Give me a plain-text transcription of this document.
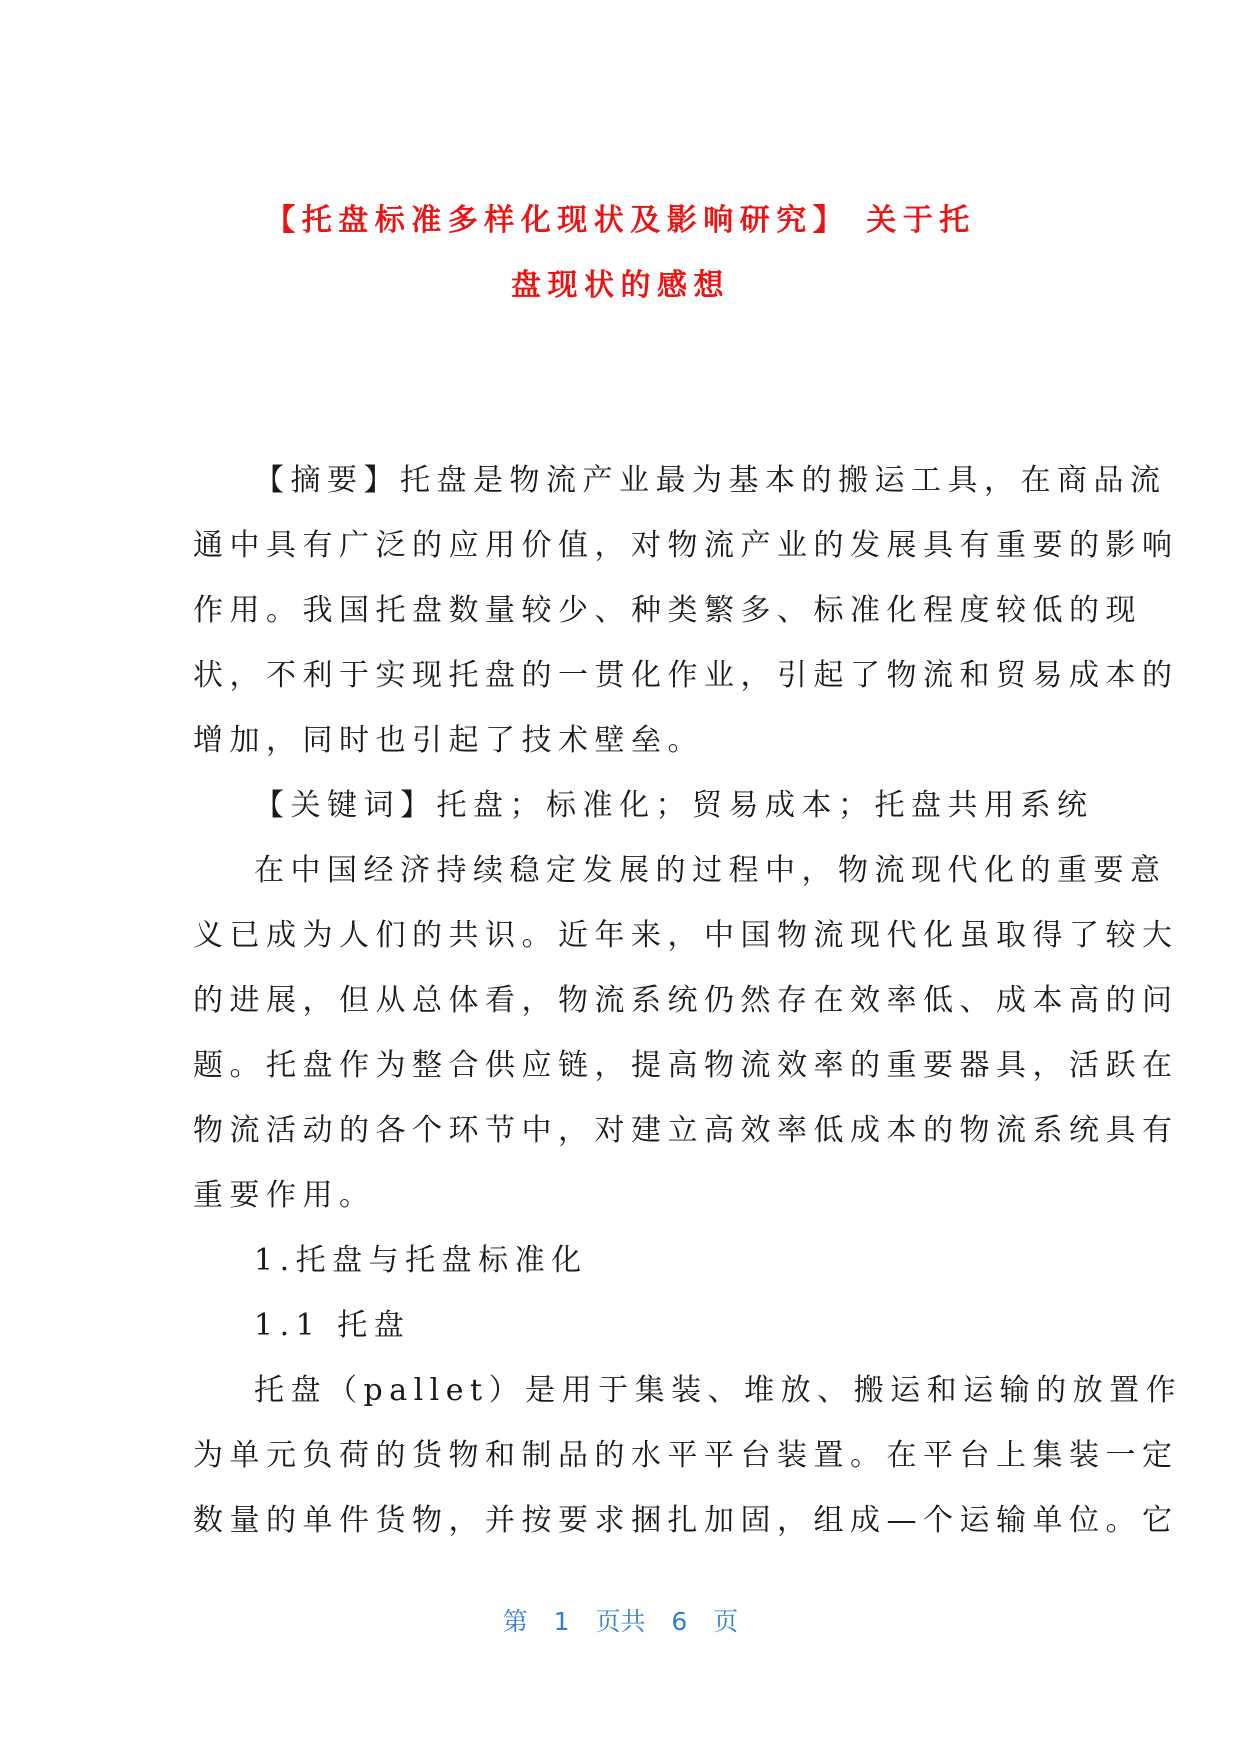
【托盘标准多样化现状及影响研究】 关于托
盘现状的感想
【摘要】托盘是物流产业最为基本的搬运工具，在商品流
通中具有广泛的应用价值，对物流产业的发展具有重要的影响
作用。我国托盘数量较少、种类繁多、标准化程度较低的现
状，不利于实现托盘的一贯化作业，引起了物流和贸易成本的
增加，同时也引起了技术壁垒。
【关键词】托盘；标准化；贸易成本；托盘共用系统
在中国经济持续稳定发展的过程中，物流现代化的重要意
义已成为人们的共识。近年来，中国物流现代化虽取得了较大
的进展，但从总体看，物流系统仍然存在效率低、成本高的问
题。托盘作为整合供应链，提高物流效率的重要器具，活跃在
物流活动的各个环节中，对建立高效率低成本的物流系统具有
重要作用。
1.托盘与托盘标准化
1.1 托盘
托盘（pallet）是用于集装、堆放、搬运和运输的放置作
为单元负荷的货物和制品的水平平台装置。在平台上集装一定
数量的单件货物，并按要求捆扎加固，组成—个运输单位。它
第 1 页共 6 页
